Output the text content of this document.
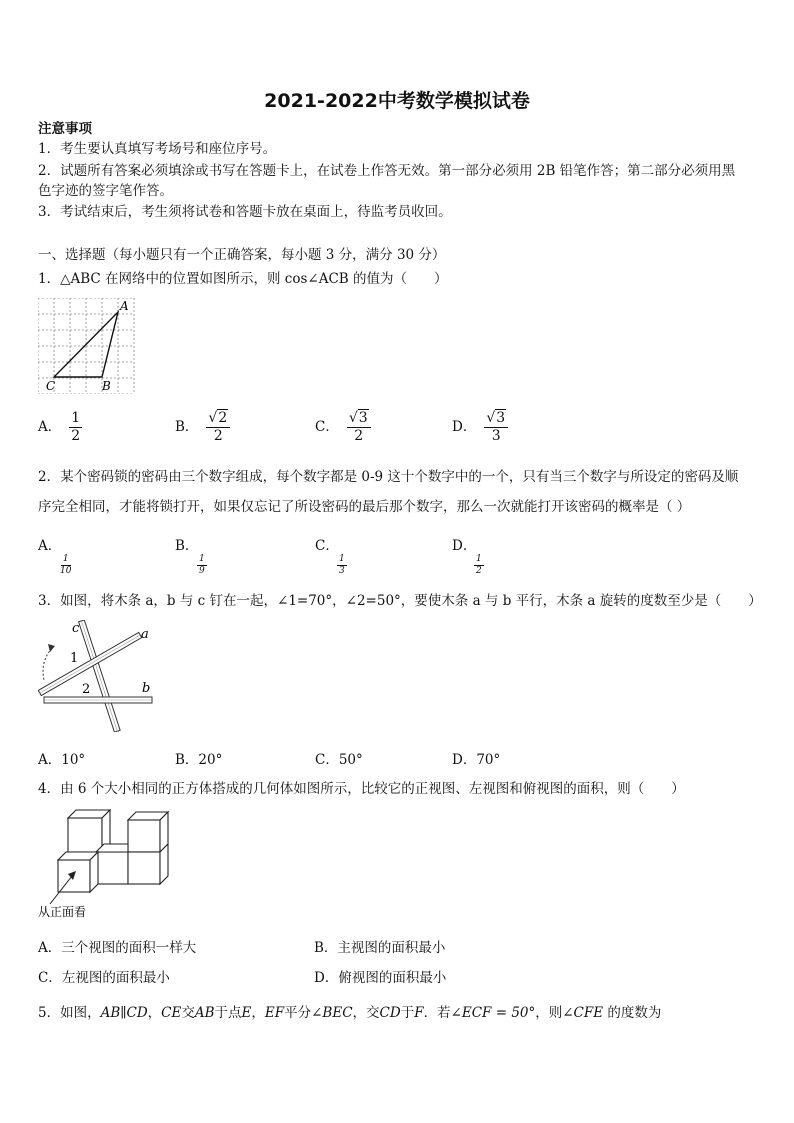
2021-2022中考数学模拟试卷
注意事项
1．考生要认真填写考场号和座位序号。
2．试题所有答案必须填涂或书写在答题卡上，在试卷上作答无效。第一部分必须用 2B 铅笔作答；第二部分必须用黑
色字迹的签字笔作答。
3．考试结束后，考生须将试卷和答题卡放在桌面上，待监考员收回。
一、选择题（每小题只有一个正确答案，每小题 3 分，满分 30 分）
1．△ABC 在网络中的位置如图所示，则 cos∠ACB 的值为（　　）
A
B
C
A． $\frac{1}{2}$	B． $\frac{√2}{2}$	C． $\frac{√3}{2}$	D． $\frac{√3}{3}$
2．某个密码锁的密码由三个数字组成，每个数字都是 0-9 这十个数字中的一个，只有当三个数字与所设定的密码及顺
序完全相同，才能将锁打开，如果仅忘记了所设密码的最后那个数字，那么一次就能打开该密码的概率是（ ）
A．

$\frac{1}{10}$
B．

$\frac{1}{9}$
C．

$\frac{1}{3}$
D．

$\frac{1}{2}$
3．如图，将木条 a，b 与 c 钉在一起，∠1=70°，∠2=50°，要使木条 a 与 b 平行，木条 a 旋转的度数至少是（　　）
c	a
b
1
2
A．10°	B．20°	C．50°	D．70°
4．由 6 个大小相同的正方体搭成的几何体如图所示，比较它的正视图、左视图和俯视图的面积，则（　　）
从正面看
A．三个视图的面积一样大	B．主视图的面积最小
C．左视图的面积最小	D．俯视图的面积最小
5．如图，AB∥CD，CE交AB于点E，EF平分∠BEC，交CD于F．若∠ECF = 50°，则∠CFE 的度数为
